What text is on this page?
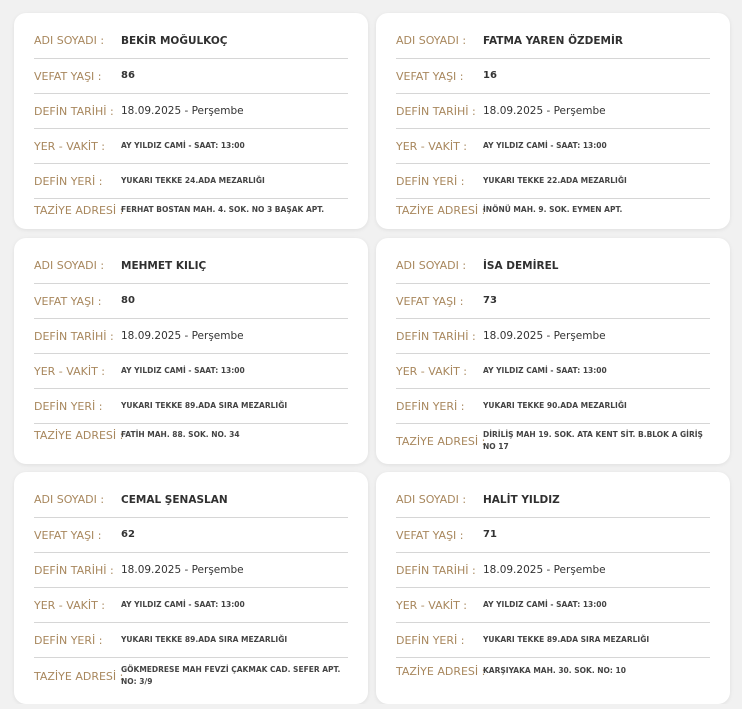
ADI SOYADI :	BEKİR MOĞULKOÇ
VEFAT YAŞI :	86
DEFİN TARİHİ : 18.09.2025 - Perşembe
YER - VAKİT :	AY YILDIZ CAMİ - SAAT: 13:00
DEFİN YERİ :	YUKARI TEKKE 24.ADA MEZARLIĞI
TAZİYE ADRESİ :
FERHAT BOSTAN MAH. 4. SOK. NO 3 BAŞAK APT.
ADI SOYADI :	FATMA YAREN ÖZDEMİR
VEFAT YAŞI :	16
DEFİN TARİHİ : 18.09.2025 - Perşembe
YER - VAKİT :	AY YILDIZ CAMİ - SAAT: 13:00
DEFİN YERİ :	YUKARI TEKKE 22.ADA MEZARLIĞI
TAZİYE ADRESİ :
İNÖNÜ MAH. 9. SOK. EYMEN APT.
ADI SOYADI :	MEHMET KILIÇ
VEFAT YAŞI :	80
DEFİN TARİHİ : 18.09.2025 - Perşembe
YER - VAKİT :	AY YILDIZ CAMİ - SAAT: 13:00
DEFİN YERİ :	YUKARI TEKKE 89.ADA SIRA MEZARLIĞI
TAZİYE ADRESİ :
FATİH MAH. 88. SOK. NO. 34
ADI SOYADI :	İSA DEMİREL
VEFAT YAŞI :	73
DEFİN TARİHİ : 18.09.2025 - Perşembe
YER - VAKİT :	AY YILDIZ CAMİ - SAAT: 13:00
DEFİN YERİ :	YUKARI TEKKE 90.ADA MEZARLIĞI
TAZİYE ADRESİ :
DİRİLİŞ MAH 19. SOK. ATA KENT SİT. B.BLOK A GİRİŞ NO 17
ADI SOYADI :	CEMAL ŞENASLAN
VEFAT YAŞI :	62
DEFİN TARİHİ : 18.09.2025 - Perşembe
YER - VAKİT :	AY YILDIZ CAMİ - SAAT: 13:00
DEFİN YERİ :	YUKARI TEKKE 89.ADA SIRA MEZARLIĞI
TAZİYE ADRESİ :
GÖKMEDRESE MAH FEVZİ ÇAKMAK CAD. SEFER APT. NO: 3/9
ADI SOYADI :	HALİT YILDIZ
VEFAT YAŞI :	71
DEFİN TARİHİ : 18.09.2025 - Perşembe
YER - VAKİT :	AY YILDIZ CAMİ - SAAT: 13:00
DEFİN YERİ :	YUKARI TEKKE 89.ADA SIRA MEZARLIĞI
TAZİYE ADRESİ :
KARŞIYAKA MAH. 30. SOK. NO: 10
